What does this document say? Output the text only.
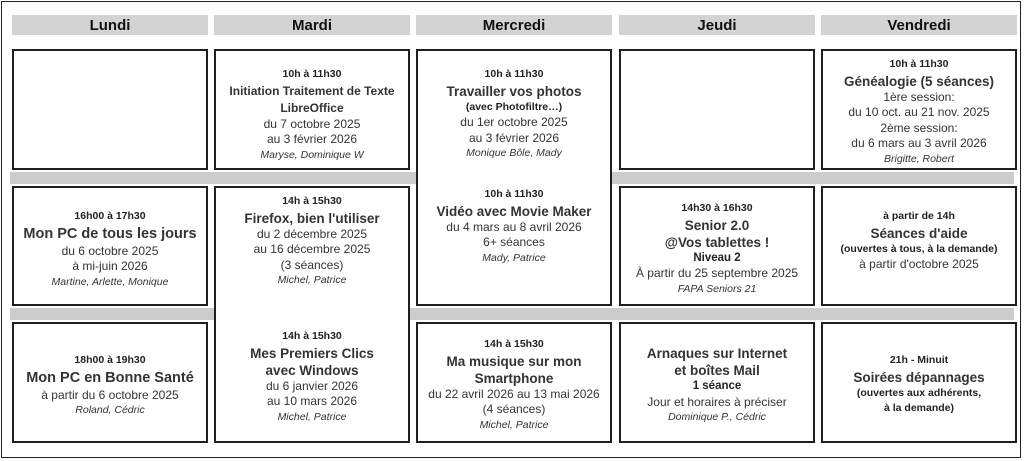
Lundi	Mardi	Mercredi	Jeudi	Vendredi
16h00 à 17h30
Mon PC de tous les jours
du 6 octobre 2025
à mi-juin 2026
Martine, Arlette, Monique
18h00 à 19h30
Mon PC en Bonne Santé
à partir du 6 octobre 2025
Roland, Cédric
10h à 11h30
Initiation Traitement de Texte
LibreOffice
du 7 octobre 2025
au 3 février 2026
Maryse, Dominique W
14h à 15h30
Firefox, bien l'utiliser
du 2 décembre 2025
au 16 décembre 2025
(3 séances)
Michel, Patrice
14h à 15h30
Mes Premiers Clics
avec Windows
du 6 janvier 2026
au 10 mars 2026
Michel, Patrice
10h à 11h30
Travailler vos photos
(avec Photofiltre…)
du 1er octobre 2025
au 3 février 2026
Monique Bôle, Mady
10h à 11h30
Vidéo avec Movie Maker
du 4 mars au 8 avril 2026
6+ séances
Mady, Patrice
14h à 15h30
Ma musique sur mon
Smartphone
du 22 avril 2026 au 13 mai 2026
(4 séances)
Michel, Patrice
14h30 à 16h30
Senior 2.0
@Vos tablettes !
Niveau 2
À partir du 25 septembre 2025
FAPA Seniors 21
Arnaques sur Internet
et boîtes Mail
1 séance
Jour et horaires à préciser
Dominique P., Cédric
10h à 11h30
Généalogie (5 séances)
1ère session:
du 10 oct. au 21 nov. 2025
2ème session:
du 6 mars au 3 avril 2026
Brigitte, Robert
à partir de 14h
Séances d'aide
(ouvertes à tous, à la demande)
à partir d'octobre 2025
21h - Minuit
Soirées dépannages
(ouvertes aux adhérents,
à la demande)
